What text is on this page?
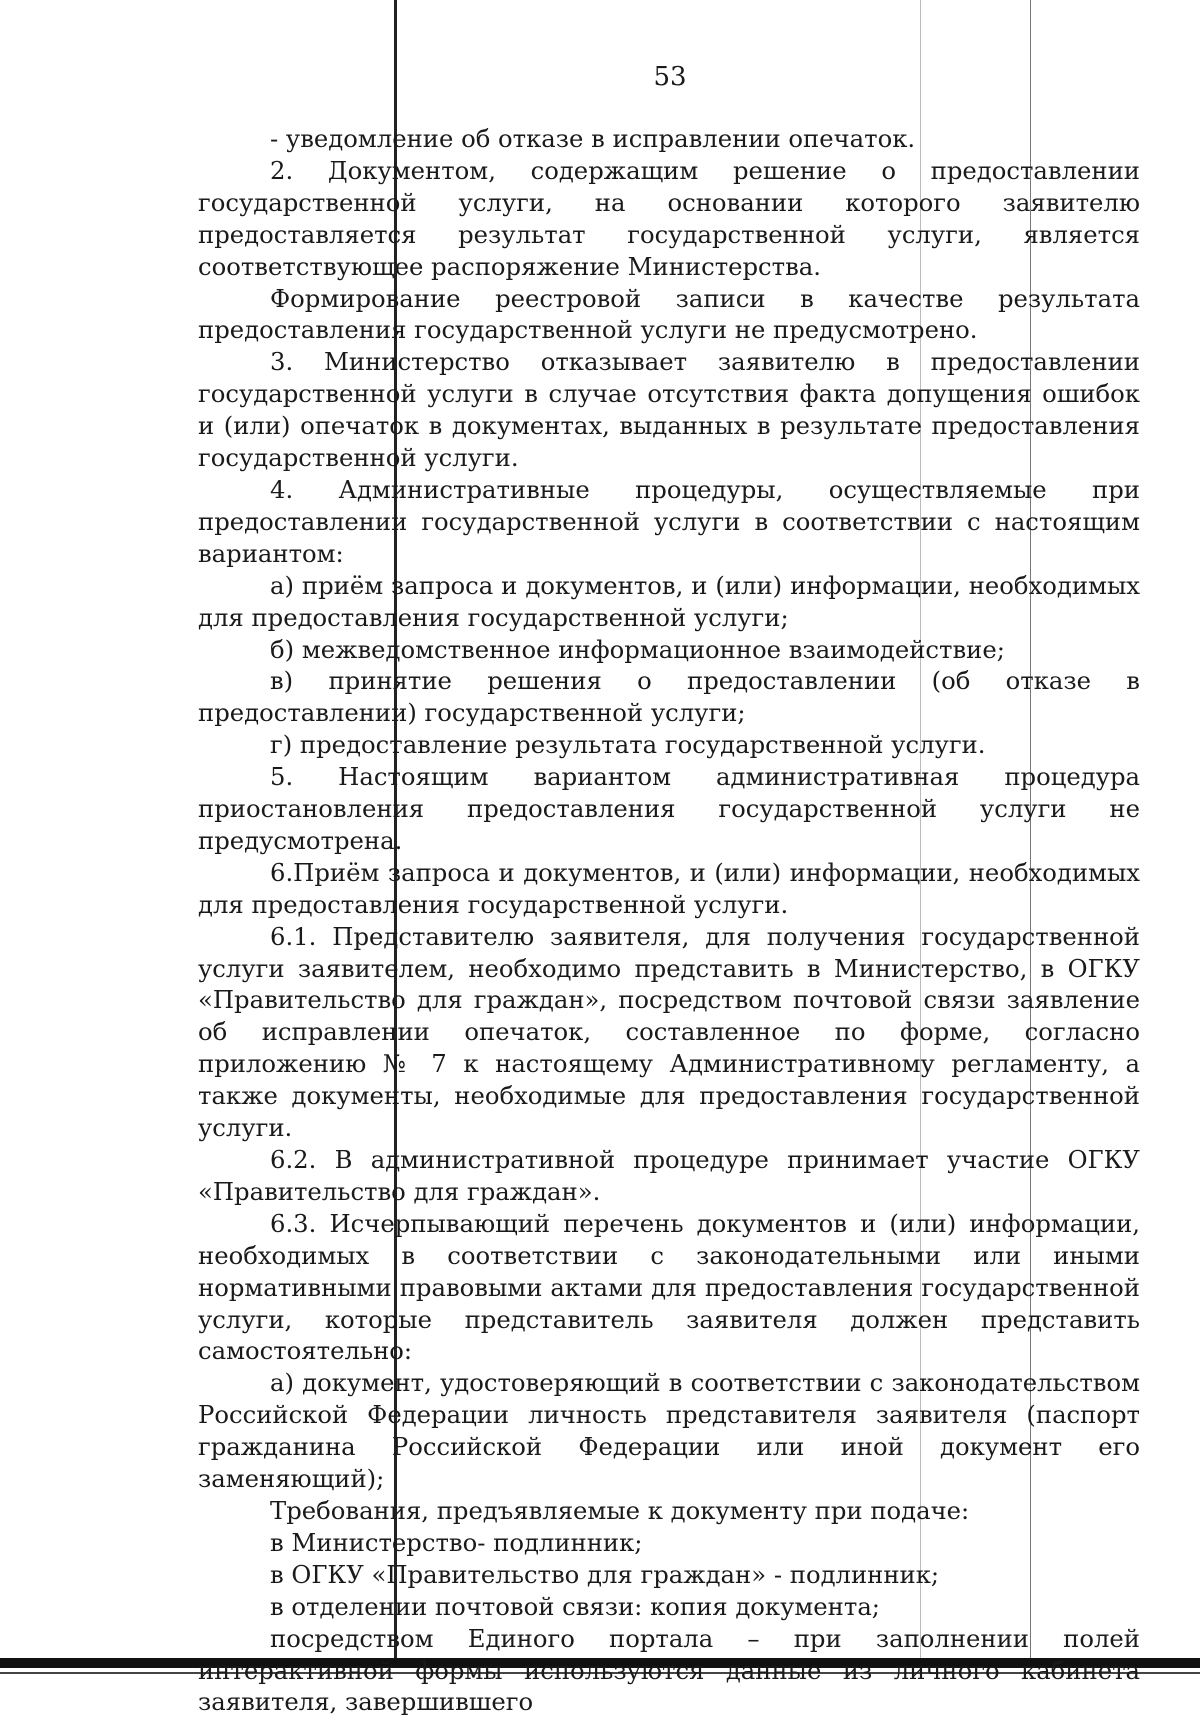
53

- уведомление об отказе в исправлении опечаток.

2. Документом, содержащим решение о предоставлении государственной услуги, на основании которого заявителю предоставляется результат государственной услуги, является соответствующее распоряжение Министерства.

Формирование реестровой записи в качестве результата предоставления государственной услуги не предусмотрено.

3. Министерство отказывает заявителю в предоставлении государственной услуги в случае отсутствия факта допущения ошибок и (или) опечаток в документах, выданных в результате предоставления государственной услуги.

4. Административные процедуры, осуществляемые при предоставлении государственной услуги в соответствии с настоящим вариантом:

а) приём запроса и документов, и (или) информации, необходимых для предоставления государственной услуги;

б) межведомственное информационное взаимодействие;

в) принятие решения о предоставлении (об отказе в предоставлении) государственной услуги;

г) предоставление результата государственной услуги.

5. Настоящим вариантом административная процедура приостановления предоставления государственной услуги не предусмотрена.

6.Приём запроса и документов, и (или) информации, необходимых для предоставления государственной услуги.

6.1. Представителю заявителя, для получения государственной услуги заявителем, необходимо представить в Министерство, в ОГКУ «Правительство для граждан», посредством почтовой связи заявление об исправлении опечаток, составленное по форме, согласно приложению № 7 к настоящему Административному регламенту, а также документы, необходимые для предоставления государственной услуги.

6.2. В административной процедуре принимает участие ОГКУ «Правительство для граждан».

6.3. Исчерпывающий перечень документов и (или) информации, необходимых в соответствии с законодательными или иными нормативными правовыми актами для предоставления государственной услуги, которые представитель заявителя должен представить самостоятельно:

а) документ, удостоверяющий в соответствии с законодательством Российской Федерации личность представителя заявителя (паспорт гражданина Российской Федерации или иной документ его заменяющий);

Требования, предъявляемые к документу при подаче:

в Министерство- подлинник;

в ОГКУ «Правительство для граждан» - подлинник;

в отделении почтовой связи: копия документа;

посредством Единого портала – при заполнении полей интерактивной формы используются данные из личного кабинета заявителя, завершившего
